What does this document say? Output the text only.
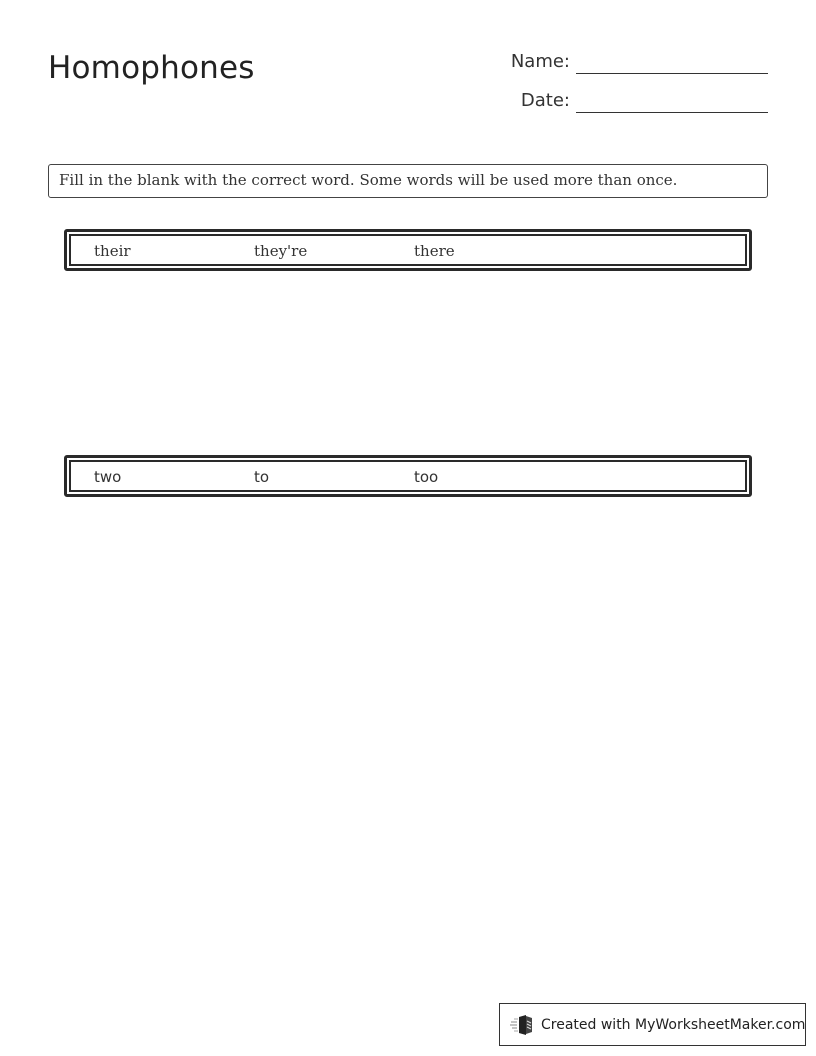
Homophones	Name:
Date:
Fill in the blank with the correct word. Some words will be used more than once.
their	they're	there
two	to	too
Created with MyWorksheetMaker.com
